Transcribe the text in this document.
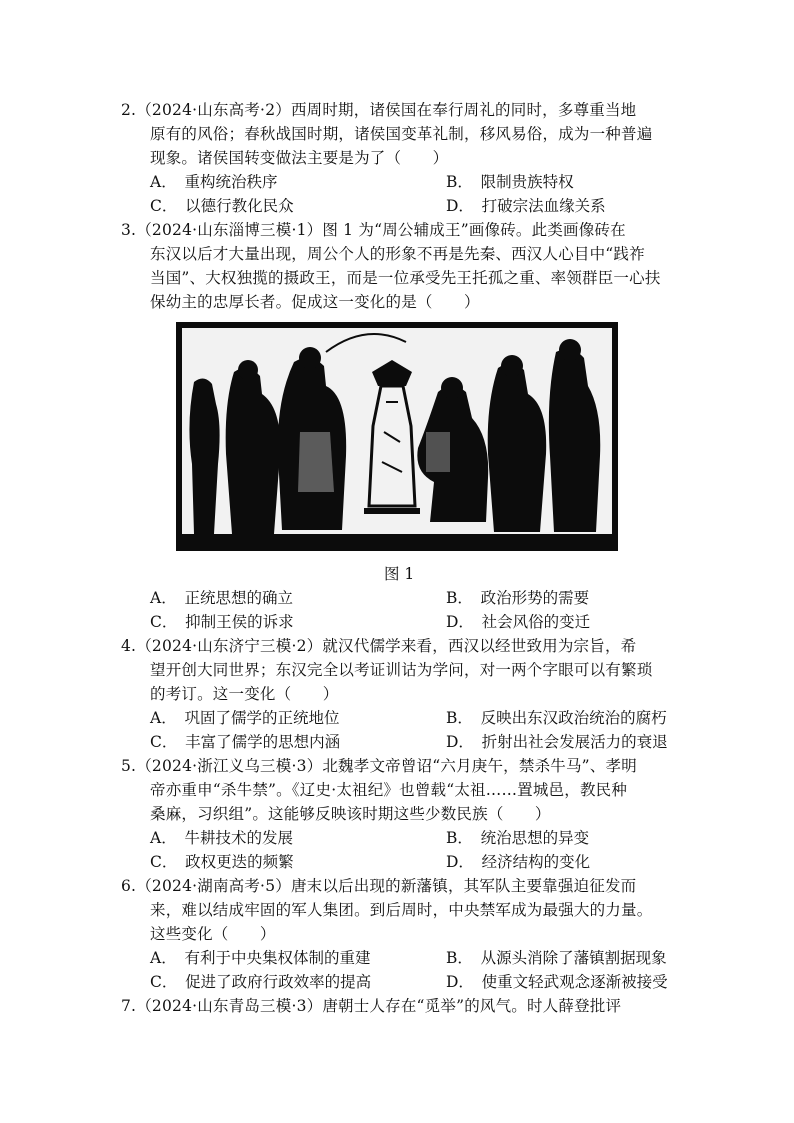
2.（2024·山东高考·2）西周时期，诸侯国在奉行周礼的同时，多尊重当地
原有的风俗；春秋战国时期，诸侯国变革礼制，移风易俗，成为一种普遍
现象。诸侯国转变做法主要是为了（　　）
A．　重构统治秩序	B．　限制贵族特权
C．　以德行教化民众	D．　打破宗法血缘关系
3.（2024·山东淄博三模·1）图 1 为“周公辅成王”画像砖。此类画像砖在
东汉以后才大量出现，周公个人的形象不再是先秦、西汉人心目中“践祚
当国”、大权独揽的摄政王，而是一位承受先王托孤之重、率领群臣一心扶
保幼主的忠厚长者。促成这一变化的是（　　）
图 1
A．　正统思想的确立	B．　政治形势的需要
C．　抑制王侯的诉求	D．　社会风俗的变迁
4.（2024·山东济宁三模·2）就汉代儒学来看，西汉以经世致用为宗旨，希
望开创大同世界；东汉完全以考证训诂为学问，对一两个字眼可以有繁琐
的考订。这一变化（　　）
A．　巩固了儒学的正统地位	B．　反映出东汉政治统治的腐朽
C．　丰富了儒学的思想内涵	D．　折射出社会发展活力的衰退
5.（2024·浙江义乌三模·3）北魏孝文帝曾诏“六月庚午，禁杀牛马”、孝明
帝亦重申“杀牛禁”。《辽史·太祖纪》也曾载“太祖……置城邑，教民种
桑麻，习织组”。这能够反映该时期这些少数民族（　　）
A．　牛耕技术的发展	B．　统治思想的异变
C．　政权更迭的频繁	D．　经济结构的变化
6.（2024·湖南高考·5）唐末以后出现的新藩镇，其军队主要靠强迫征发而
来，难以结成牢固的军人集团。到后周时，中央禁军成为最强大的力量。
这些变化（　　）
A．　有利于中央集权体制的重建	B．　从源头消除了藩镇割据现象
C．　促进了政府行政效率的提高	D．　使重文轻武观念逐渐被接受
7.（2024·山东青岛三模·3）唐朝士人存在“觅举”的风气。时人薛登批评
